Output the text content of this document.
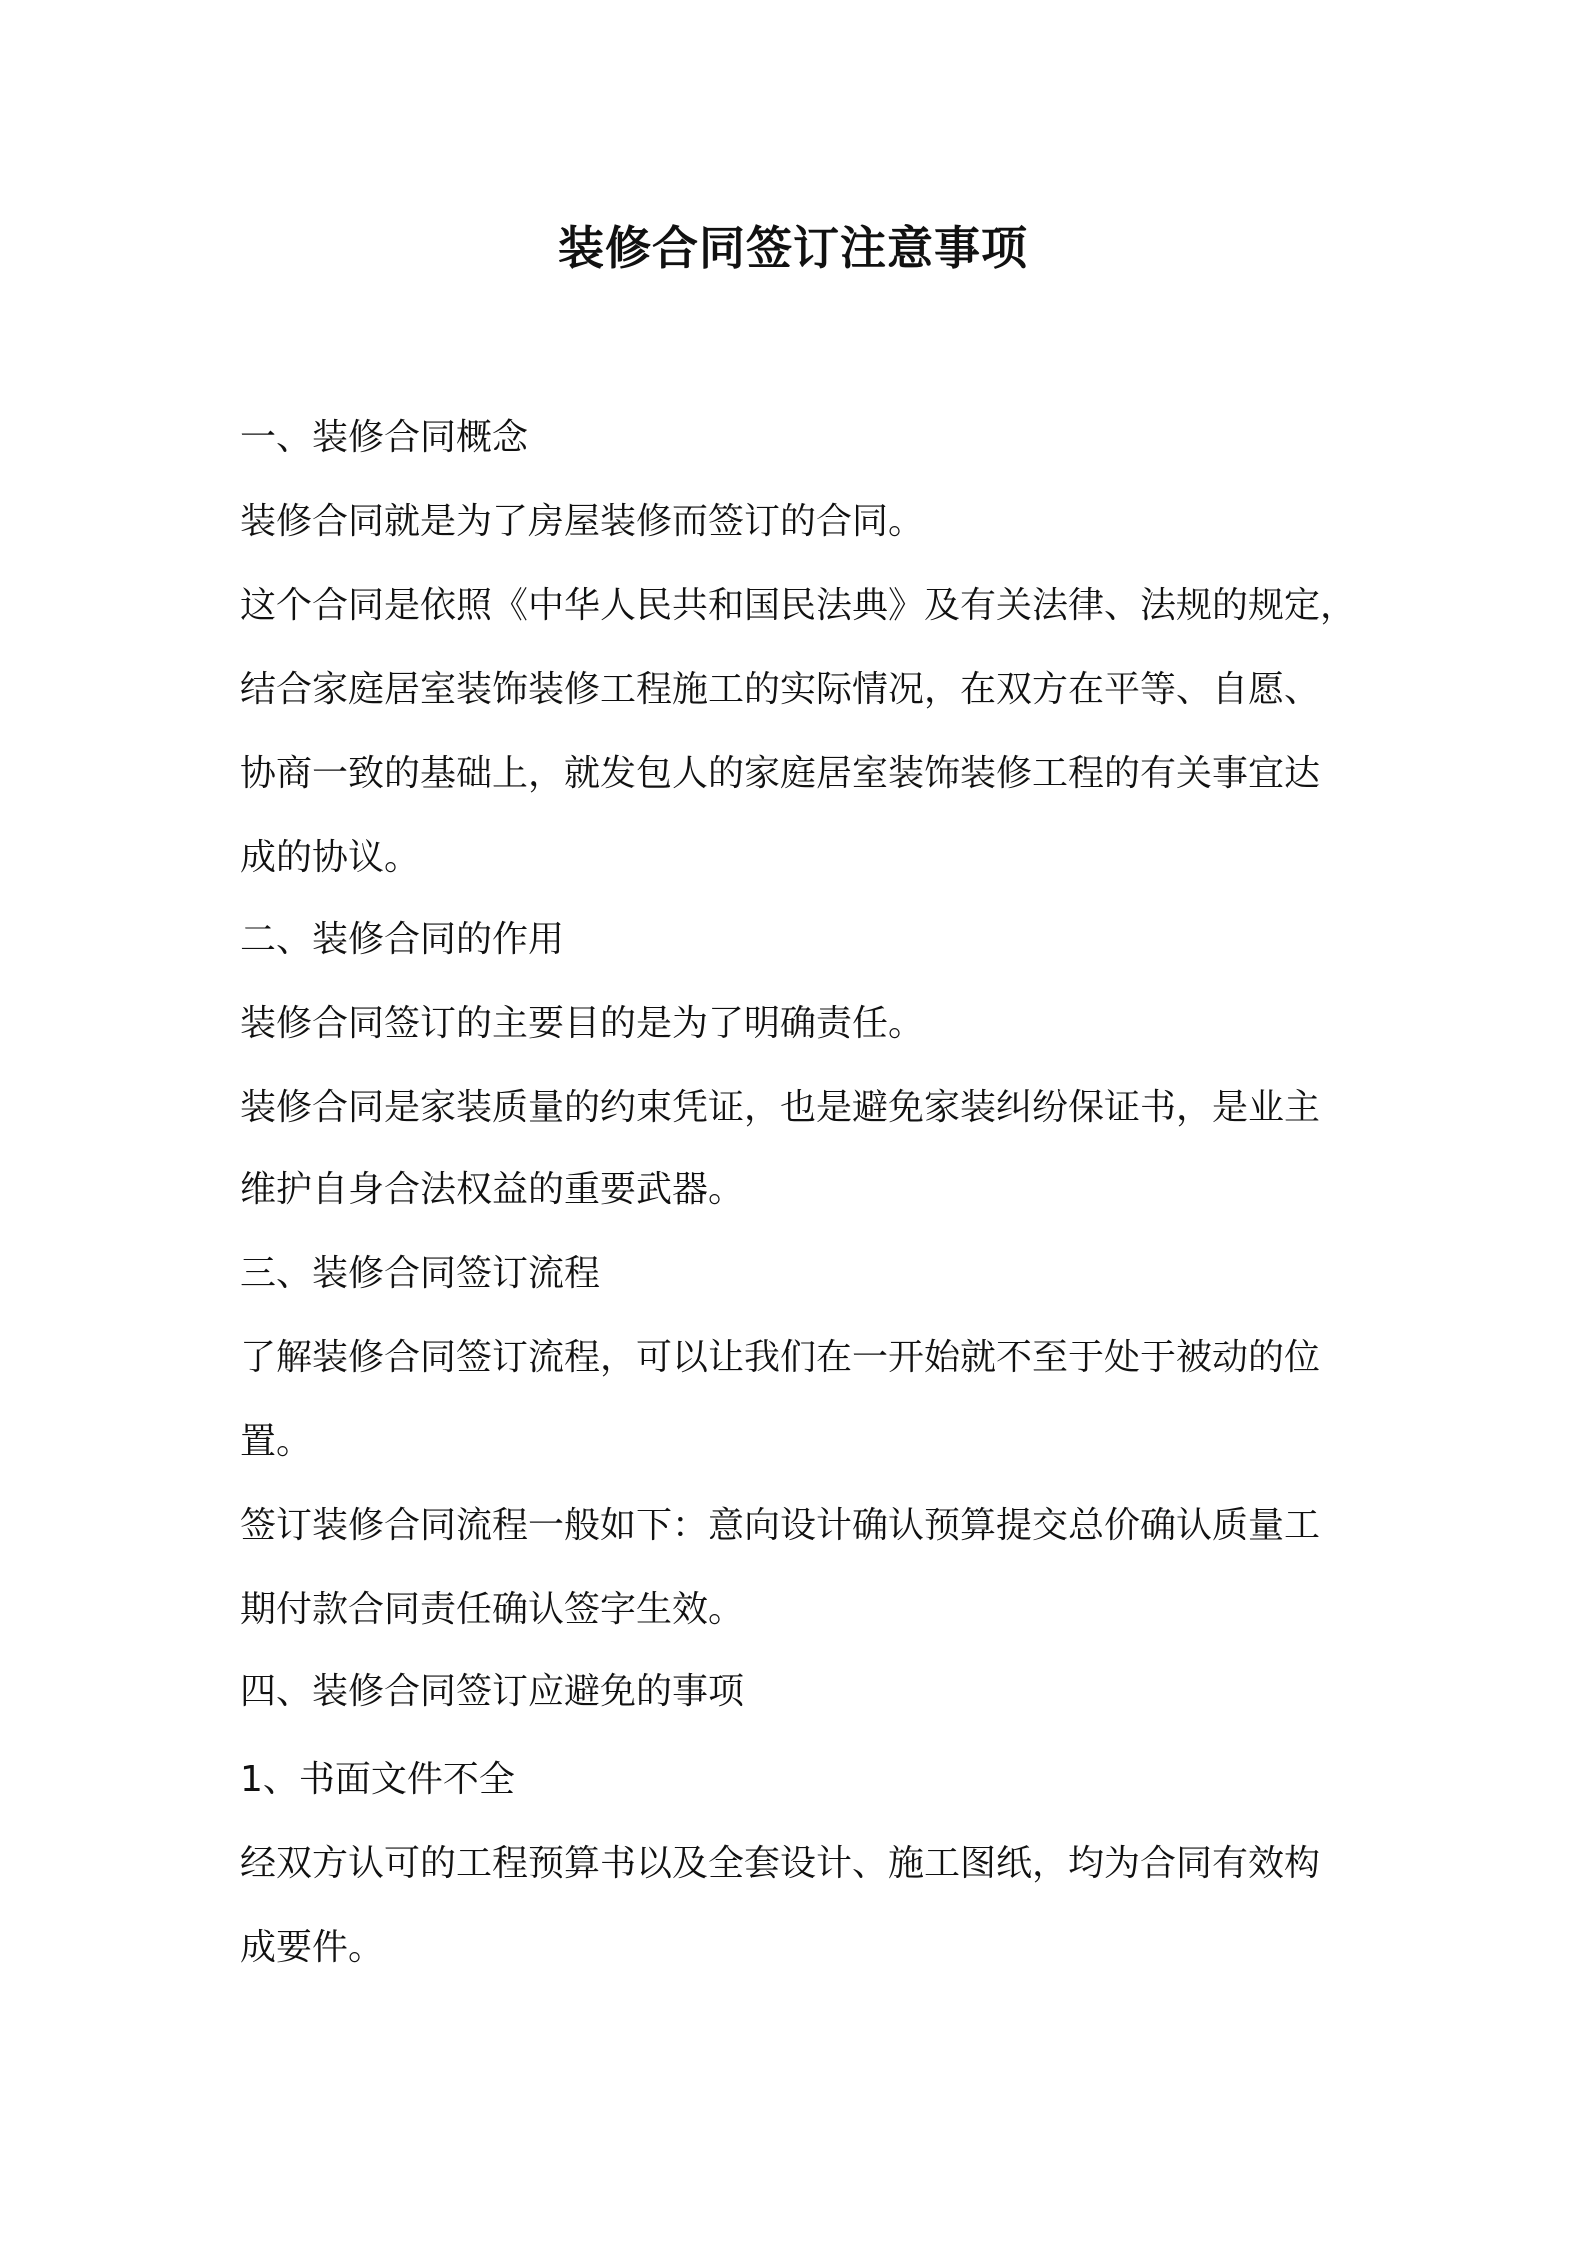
装修合同签订注意事项

一、装修合同概念

装修合同就是为了房屋装修而签订的合同。

这个合同是依照《中华人民共和国民法典》及有关法律、法规的规定，

结合家庭居室装饰装修工程施工的实际情况，在双方在平等、自愿、

协商一致的基础上，就发包人的家庭居室装饰装修工程的有关事宜达

成的协议。

二、装修合同的作用

装修合同签订的主要目的是为了明确责任。

装修合同是家装质量的约束凭证，也是避免家装纠纷保证书，是业主

维护自身合法权益的重要武器。

三、装修合同签订流程

了解装修合同签订流程，可以让我们在一开始就不至于处于被动的位

置。

签订装修合同流程一般如下：意向设计确认预算提交总价确认质量工

期付款合同责任确认签字生效。

四、装修合同签订应避免的事项

1、书面文件不全

经双方认可的工程预算书以及全套设计、施工图纸，均为合同有效构

成要件。
